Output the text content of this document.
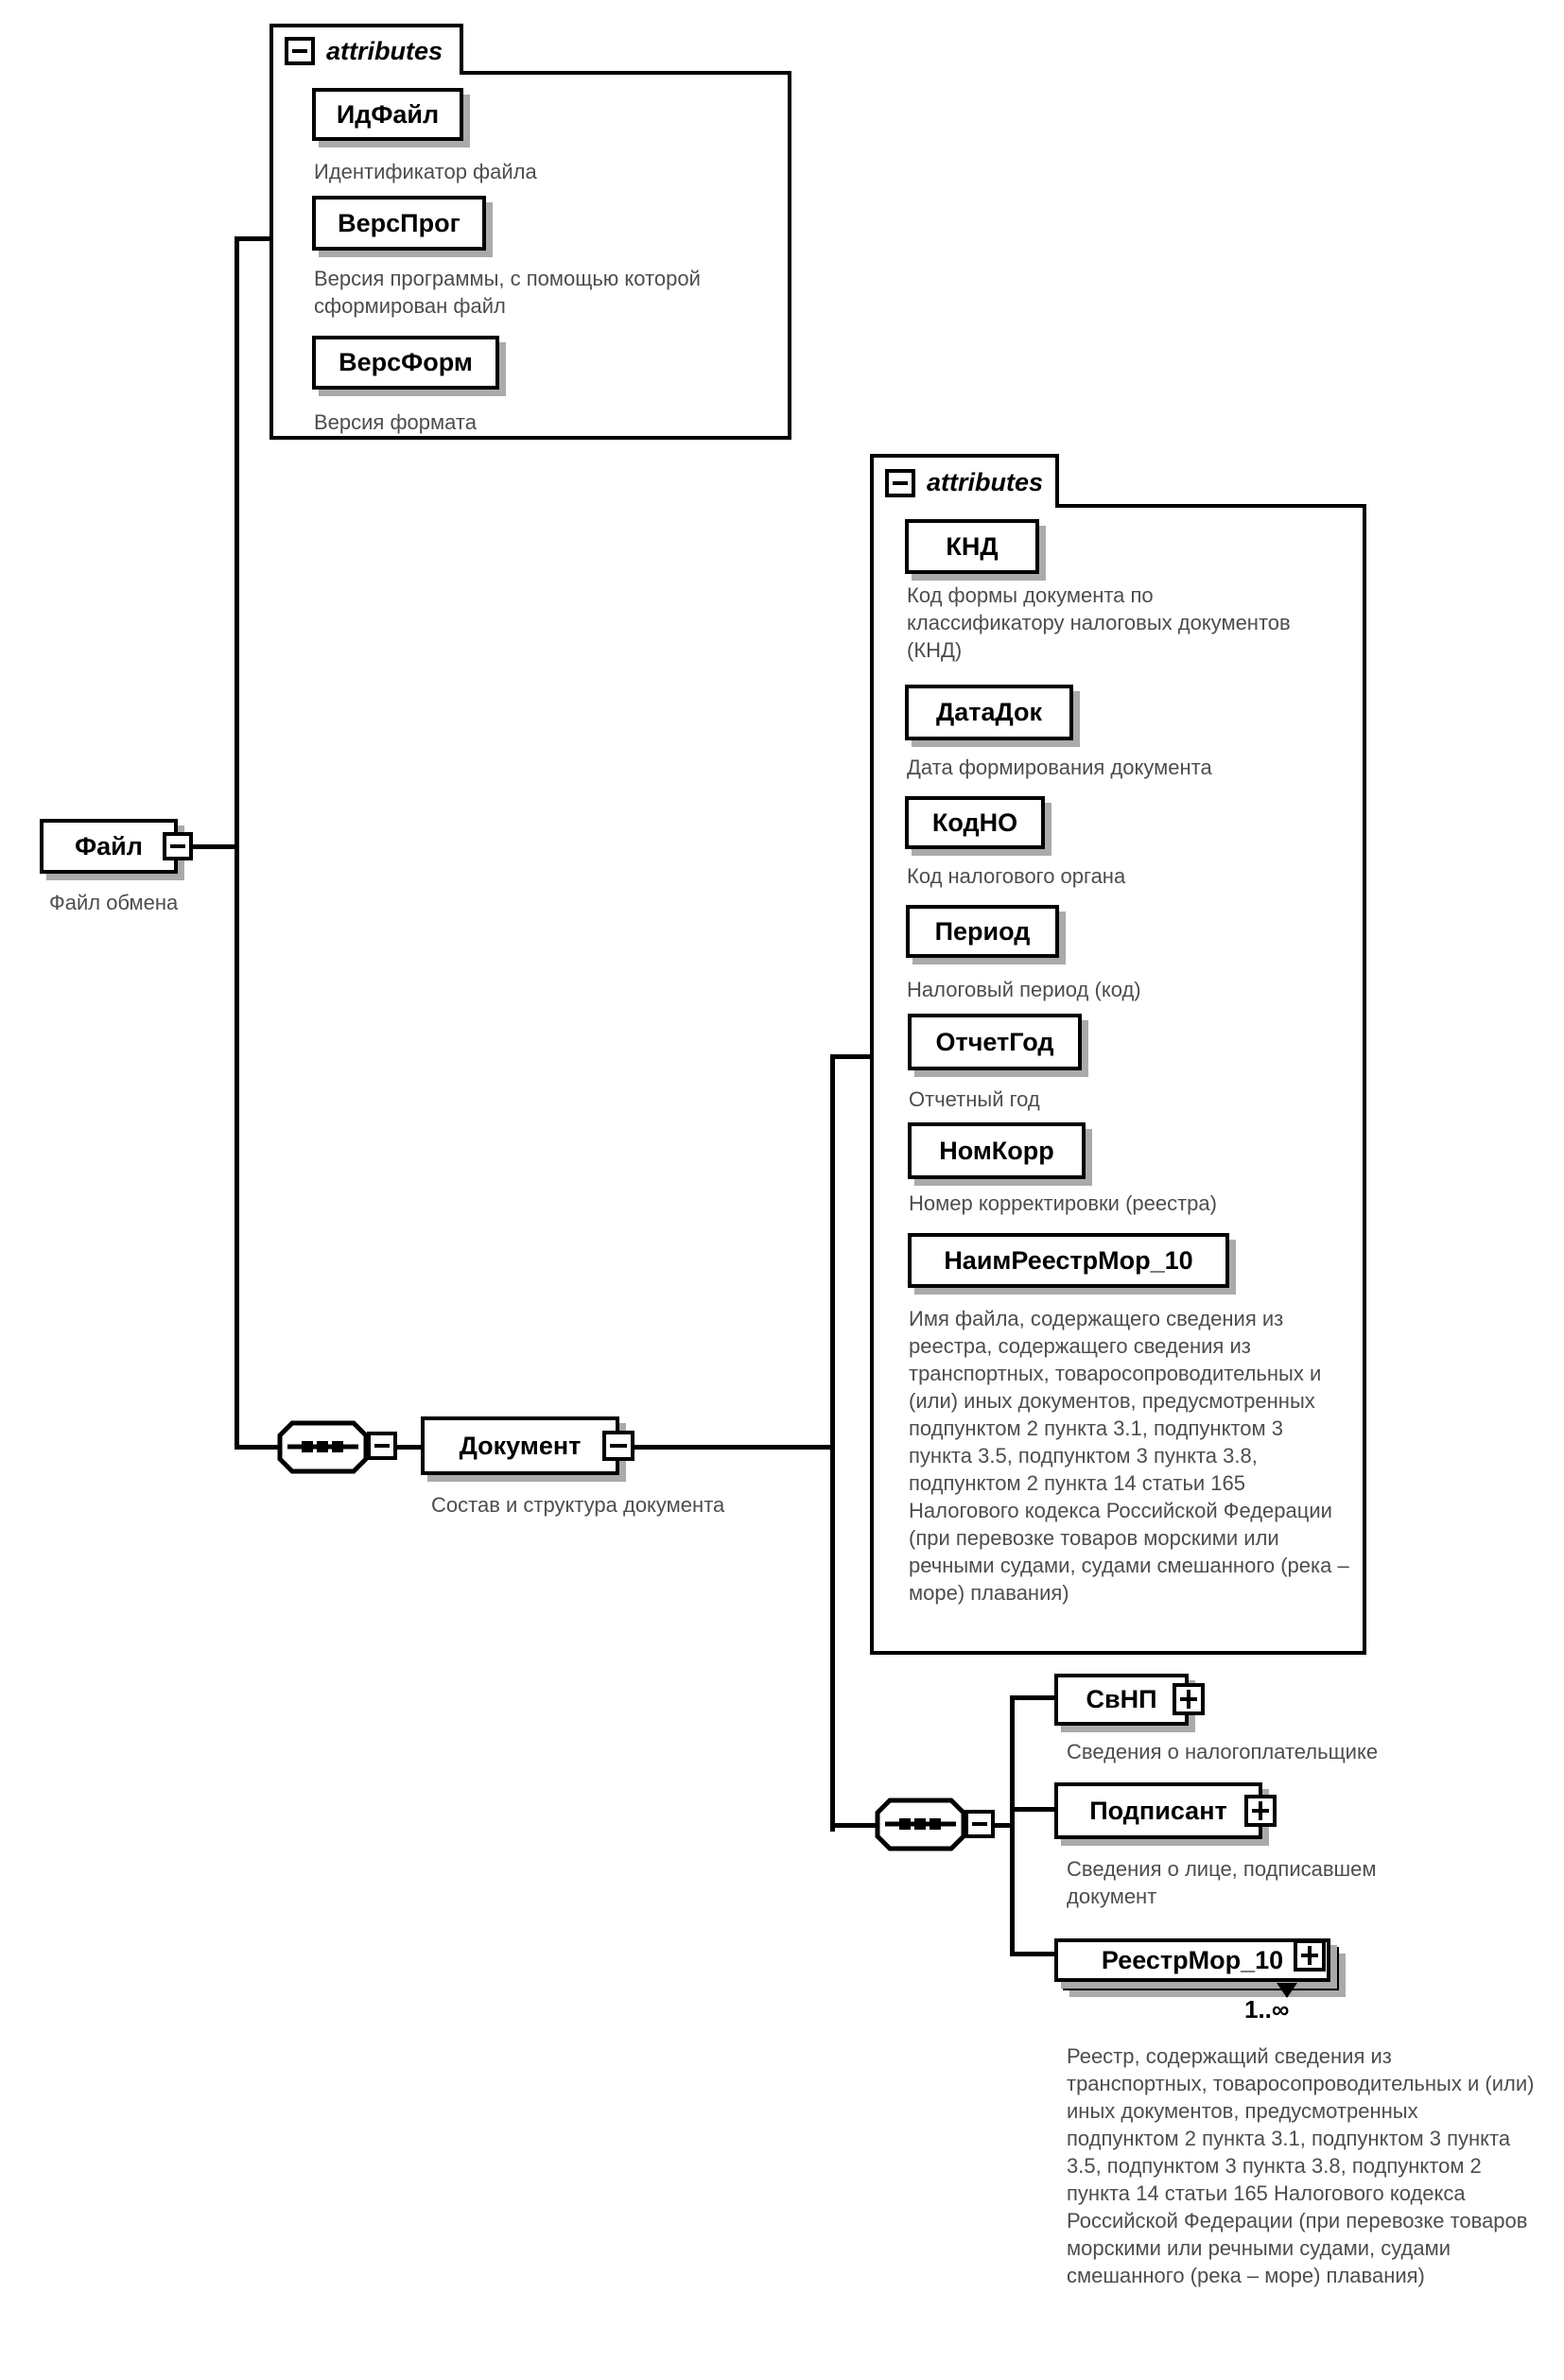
attributes
ИдФайл
Идентификатор файла
ВерсПрог
Версия программы, с помощью которой сформирован файл
ВерсФорм
Версия формата
Файл
Файл обмена
Документ
Состав и структура документа
attributes
КНД
Код формы документа по классификатору налоговых документов (КНД)
ДатаДок
Дата формирования документа
КодНО
Код налогового органа
Период
Налоговый период (код)
ОтчетГод
Отчетный год
НомКорр
Номер корректировки (реестра)
НаимРеестрМор_10
Имя файла, содержащего сведения из реестра, содержащего сведения из транспортных, товаросопроводительных и (или) иных документов, предусмотренных подпунктом 2 пункта 3.1, подпунктом 3 пункта 3.5, подпунктом 3 пункта 3.8, подпунктом 2 пункта 14 статьи 165 Налогового кодекса Российской Федерации (при перевозке товаров морскими или речными судами, судами смешанного (река – море) плавания)
СвНП
Сведения о налогоплательщике
Подписант
Сведения о лице, подписавшем документ
РеестрМор_10
1..∞
Реестр, содержащий сведения из транспортных, товаросопроводительных и (или) иных документов, предусмотренных подпунктом 2 пункта 3.1, подпунктом 3 пункта 3.5, подпунктом 3 пункта 3.8, подпунктом 2 пункта 14 статьи 165 Налогового кодекса Российской Федерации (при перевозке товаров морскими или речными судами, судами смешанного (река – море) плавания)
